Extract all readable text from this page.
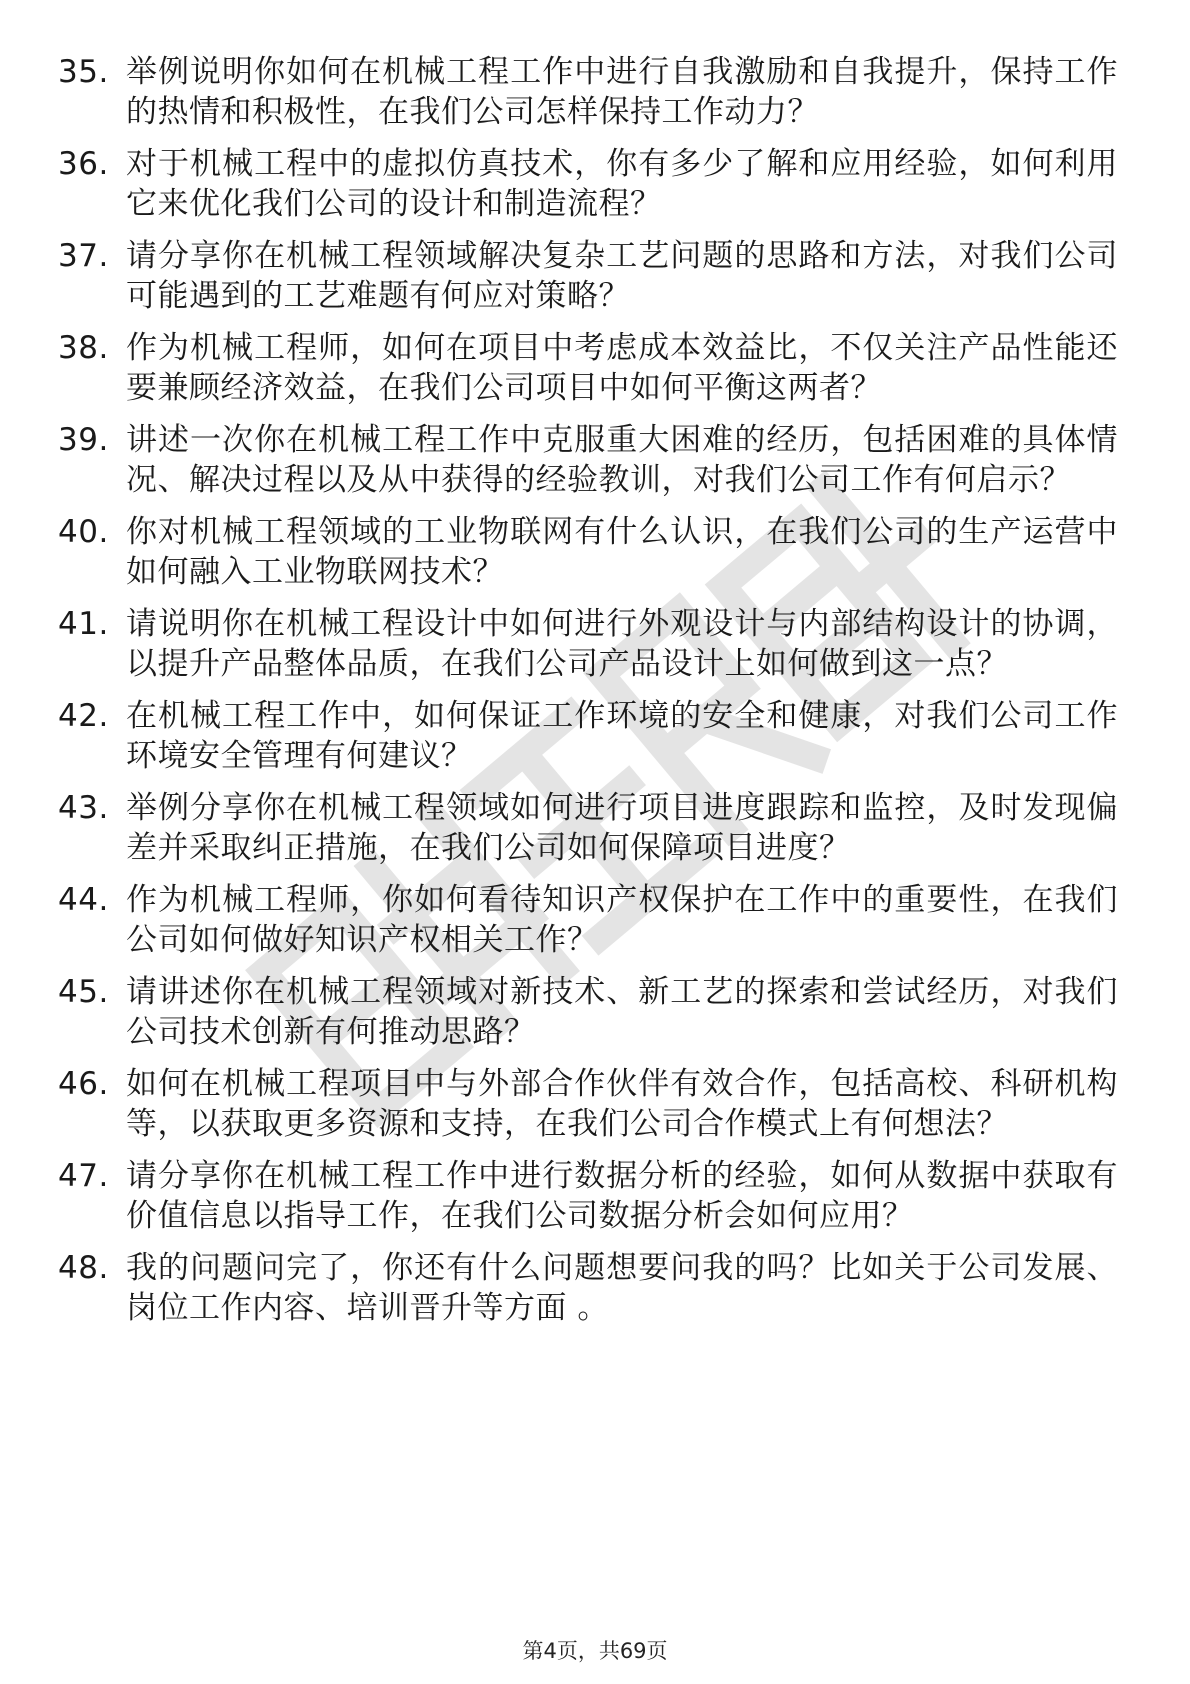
35. 举例说明你如何在机械工程工作中进行自我激励和自我提升，保持工作的热情和积极性，在我们公司怎样保持工作动力？
36. 对于机械工程中的虚拟仿真技术，你有多少了解和应用经验，如何利用它来优化我们公司的设计和制造流程？
37. 请分享你在机械工程领域解决复杂工艺问题的思路和方法，对我们公司可能遇到的工艺难题有何应对策略？
38. 作为机械工程师，如何在项目中考虑成本效益比，不仅关注产品性能还要兼顾经济效益，在我们公司项目中如何平衡这两者？
39. 讲述一次你在机械工程工作中克服重大困难的经历，包括困难的具体情况、解决过程以及从中获得的经验教训，对我们公司工作有何启示？
40. 你对机械工程领域的工业物联网有什么认识，在我们公司的生产运营中如何融入工业物联网技术？
41. 请说明你在机械工程设计中如何进行外观设计与内部结构设计的协调，以提升产品整体品质，在我们公司产品设计上如何做到这一点？
42. 在机械工程工作中，如何保证工作环境的安全和健康，对我们公司工作环境安全管理有何建议？
43. 举例分享你在机械工程领域如何进行项目进度跟踪和监控，及时发现偏差并采取纠正措施，在我们公司如何保障项目进度？
44. 作为机械工程师，你如何看待知识产权保护在工作中的重要性，在我们公司如何做好知识产权相关工作？
45. 请讲述你在机械工程领域对新技术、新工艺的探索和尝试经历，对我们公司技术创新有何推动思路？
46. 如何在机械工程项目中与外部合作伙伴有效合作，包括高校、科研机构等，以获取更多资源和支持，在我们公司合作模式上有何想法？
47. 请分享你在机械工程工作中进行数据分析的经验，如何从数据中获取有价值信息以指导工作，在我们公司数据分析会如何应用？
48. 我的问题问完了，你还有什么问题想要问我的吗？比如关于公司发展、岗位工作内容、培训晋升等方面 。
第4页，共69页
